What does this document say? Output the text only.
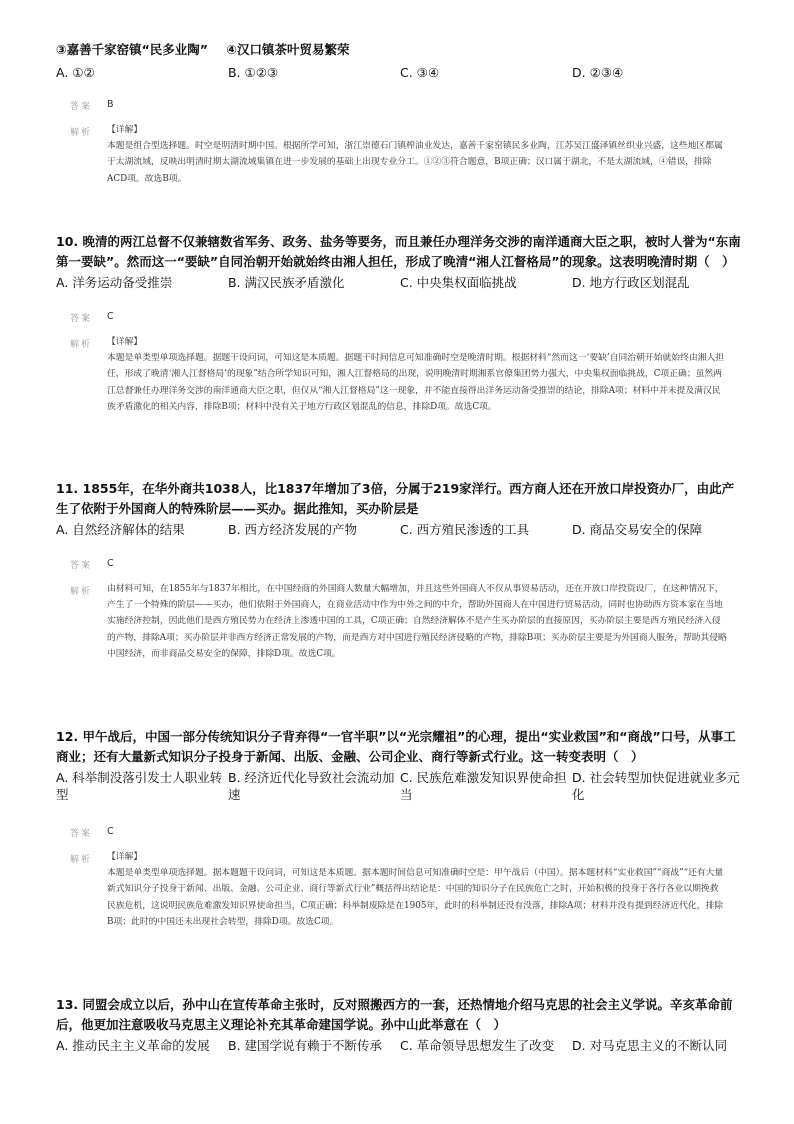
③嘉善千家窑镇“民多业陶” ④汉口镇茶叶贸易繁荣
A. ①②	B. ①②③	C. ③④	D. ②③④
答案 B
解析 【详解】
本题是组合型选择题。时空是明清时期中国。根据所学可知，浙江崇德石门镇榨油业发达，嘉善千家窑镇民多业陶，江苏吴江盛泽镇丝织业兴盛，这些地区都属于太湖流域，反映出明清时期太湖流域集镇在进一步发展的基础上出现专业分工。①②③符合题意，B项正确；汉口属于湖北，不是太湖流域，④错误，排除ACD项。故选B项。
10. 晚清的两江总督不仅兼辖数省军务、政务、盐务等要务，而且兼任办理洋务交涉的南洋通商大臣之职，被时人誉为“东南第一要缺”。然而这一“要缺”自同治朝开始就始终由湘人担任，形成了晚清“湘人江督格局”的现象。这表明晚清时期（　）
A. 洋务运动备受推崇	B. 满汉民族矛盾激化	C. 中央集权面临挑战	D. 地方行政区划混乱
答案 C
解析 【详解】
本题是单类型单项选择题。据题干设问词，可知这是本质题。据题干时间信息可知准确时空是晚清时期。根据材料“然而这一‘要缺’自同治朝开始就始终由湘人担任，形成了晚清‘湘人江督格局’的现象”结合所学知识可知，湘人江督格局的出现，说明晚清时期湘系官僚集团势力强大，中央集权面临挑战，C项正确；虽然两江总督兼任办理洋务交涉的南洋通商大臣之职，但仅从“湘人江督格局”这一现象，并不能直接得出洋务运动备受推崇的结论，排除A项；材料中并未提及满汉民族矛盾激化的相关内容，排除B项；材料中没有关于地方行政区划混乱的信息，排除D项。故选C项。
11. 1855年，在华外商共1038人，比1837年增加了3倍，分属于219家洋行。西方商人还在开放口岸投资办厂，由此产生了依附于外国商人的特殊阶层——买办。据此推知，买办阶层是
A. 自然经济解体的结果	B. 西方经济发展的产物	C. 西方殖民渗透的工具	D. 商品交易安全的保障
答案 C
解析 由材料可知，在1855年与1837年相比，在中国经商的外国商人数量大幅增加，并且这些外国商人不仅从事贸易活动，还在开放口岸投资设厂，在这种情况下，产生了一个特殊的阶层——买办，他们依附于外国商人，在商业活动中作为中外之间的中介，帮助外国商人在中国进行贸易活动，同时也协助西方资本家在当地实施经济控制，因此他们是西方殖民势力在经济上渗透中国的工具，C项正确；自然经济解体不是产生买办阶层的直接原因，买办阶层主要是西方殖民经济入侵的产物，排除A项；买办阶层并非西方经济正常发展的产物，而是西方对中国进行殖民经济侵略的产物，排除B项；买办阶层主要是为外国商人服务，帮助其侵略中国经济，而非商品交易安全的保障，排除D项。故选C项。
12. 甲午战后，中国一部分传统知识分子背弃得“一官半职”以“光宗耀祖”的心理，提出“实业救国”和“商战”口号，从事工商业；还有大量新式知识分子投身于新闻、出版、金融、公司企业、商行等新式行业。这一转变表明（　）
A. 科举制没落引发士人职业转型
B. 经济近代化导致社会流动加速
C. 民族危难激发知识界使命担当
D. 社会转型加快促进就业多元化
答案 C
解析 【详解】
本题是单类型单项选择题。据本题题干设问词，可知这是本质题。据本题时间信息可知准确时空是：甲午战后（中国）。据本题材料“实业救国”“商战”“还有大量新式知识分子投身于新闻、出版、金融、公司企业、商行等新式行业”概括得出结论是：中国的知识分子在民族危亡之时，开始积极的投身于各行各业以期挽救民族危机，这说明民族危难激发知识界使命担当，C项正确；科举制废除是在1905年，此时的科举制还没有没落，排除A项；材料并没有提到经济近代化，排除B项；此时的中国还未出现社会转型，排除D项。故选C项。
13. 同盟会成立以后，孙中山在宣传革命主张时，反对照搬西方的一套，还热情地介绍马克思的社会主义学说。辛亥革命前后，他更加注意吸收马克思主义理论补充其革命建国学说。孙中山此举意在（　）
A. 推动民主主义革命的发展	B. 建国学说有赖于不断传承	C. 革命领导思想发生了改变	D. 对马克思主义的不断认同
